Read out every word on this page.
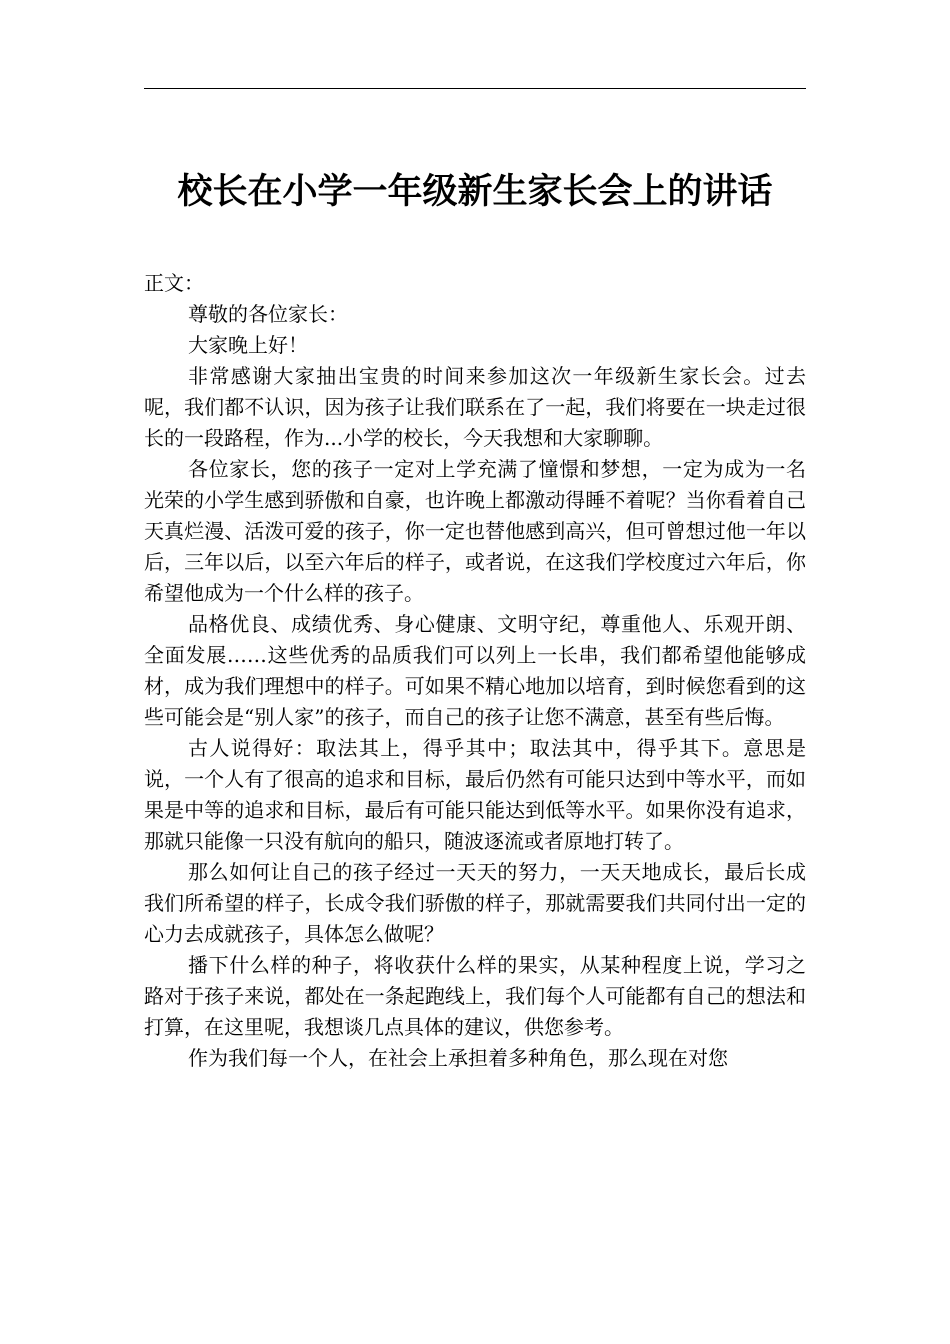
校长在小学一年级新生家长会上的讲话

正文：

尊敬的各位家长：

大家晚上好！

非常感谢大家抽出宝贵的时间来参加这次一年级新生家长会。过去呢，我们都不认识，因为孩子让我们联系在了一起，我们将要在一块走过很长的一段路程，作为...小学的校长，今天我想和大家聊聊。

各位家长，您的孩子一定对上学充满了憧憬和梦想，一定为成为一名光荣的小学生感到骄傲和自豪，也许晚上都激动得睡不着呢？当你看着自己天真烂漫、活泼可爱的孩子，你一定也替他感到高兴，但可曾想过他一年以后，三年以后，以至六年后的样子，或者说，在这我们学校度过六年后，你希望他成为一个什么样的孩子。

品格优良、成绩优秀、身心健康、文明守纪，尊重他人、乐观开朗、全面发展……这些优秀的品质我们可以列上一长串，我们都希望他能够成材，成为我们理想中的样子。可如果不精心地加以培育，到时候您看到的这些可能会是“别人家”的孩子，而自己的孩子让您不满意，甚至有些后悔。

古人说得好：取法其上，得乎其中；取法其中，得乎其下。意思是说，一个人有了很高的追求和目标，最后仍然有可能只达到中等水平，而如果是中等的追求和目标，最后有可能只能达到低等水平。如果你没有追求，那就只能像一只没有航向的船只，随波逐流或者原地打转了。

那么如何让自己的孩子经过一天天的努力，一天天地成长，最后长成我们所希望的样子，长成令我们骄傲的样子，那就需要我们共同付出一定的心力去成就孩子，具体怎么做呢？

播下什么样的种子，将收获什么样的果实，从某种程度上说，学习之路对于孩子来说，都处在一条起跑线上，我们每个人可能都有自己的想法和打算，在这里呢，我想谈几点具体的建议，供您参考。

作为我们每一个人，在社会上承担着多种角色，那么现在对您
